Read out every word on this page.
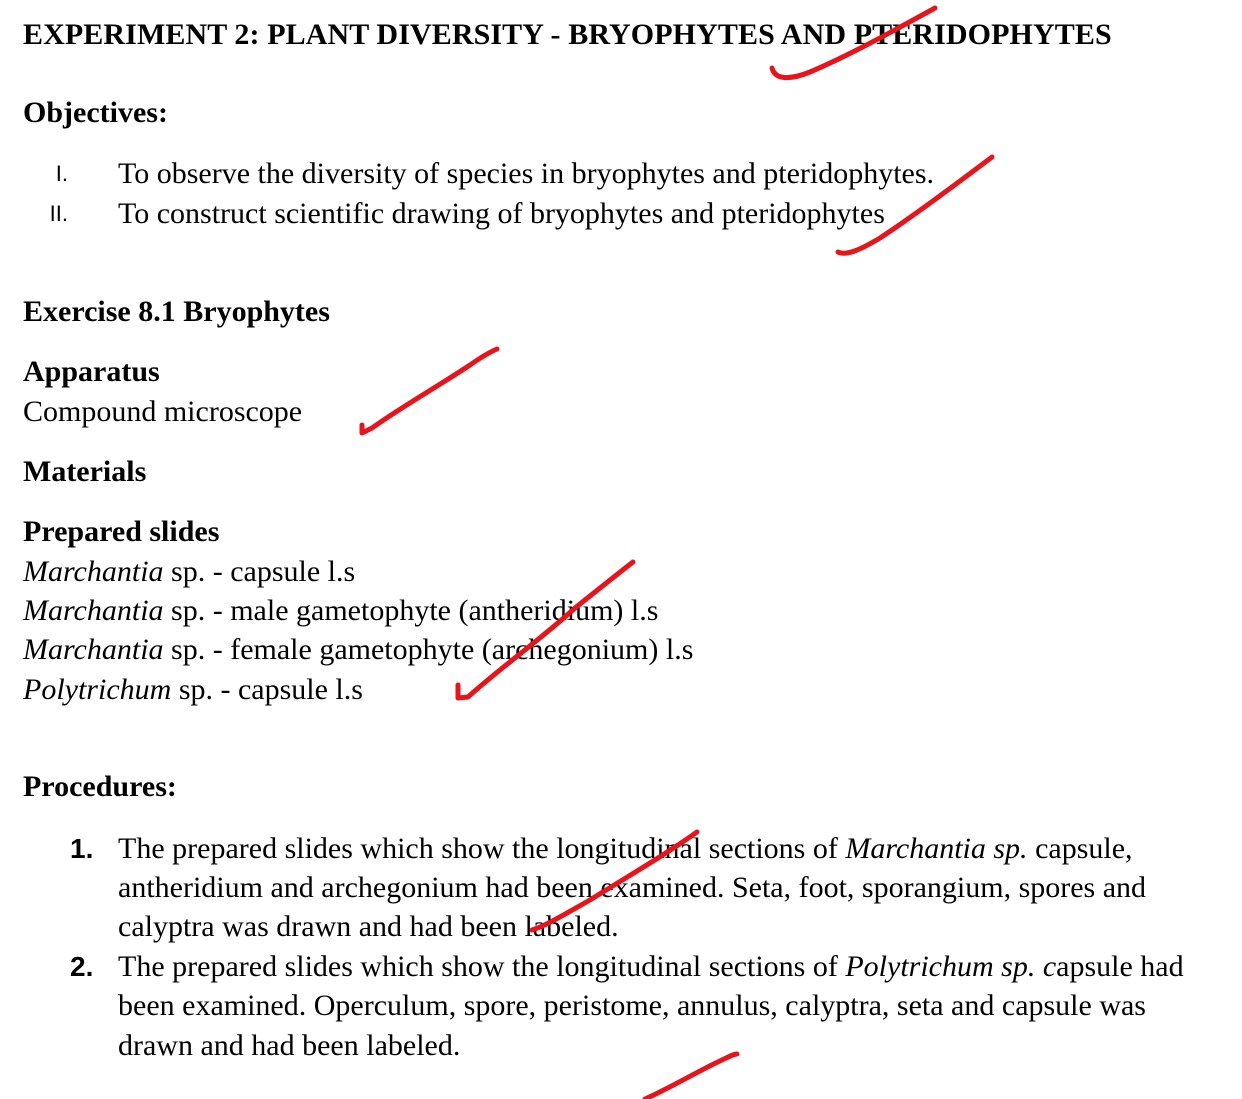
EXPERIMENT 2: PLANT DIVERSITY - BRYOPHYTES AND PTERIDOPHYTES
Objectives:
I. To observe the diversity of species in bryophytes and pteridophytes.
II. To construct scientific drawing of bryophytes and pteridophytes
Exercise 8.1 Bryophytes
Apparatus
Compound microscope
Materials
Prepared slides
Marchantia sp. - capsule l.s
Marchantia sp. - male gametophyte (antheridium) l.s
Marchantia sp. - female gametophyte (archegonium) l.s
Polytrichum sp. - capsule l.s
Procedures:
1. The prepared slides which show the longitudinal sections of Marchantia sp. capsule,
antheridium and archegonium had been examined. Seta, foot, sporangium, spores and
calyptra was drawn and had been labeled.
2. The prepared slides which show the longitudinal sections of Polytrichum sp. capsule had
been examined. Operculum, spore, peristome, annulus, calyptra, seta and capsule was
drawn and had been labeled.
